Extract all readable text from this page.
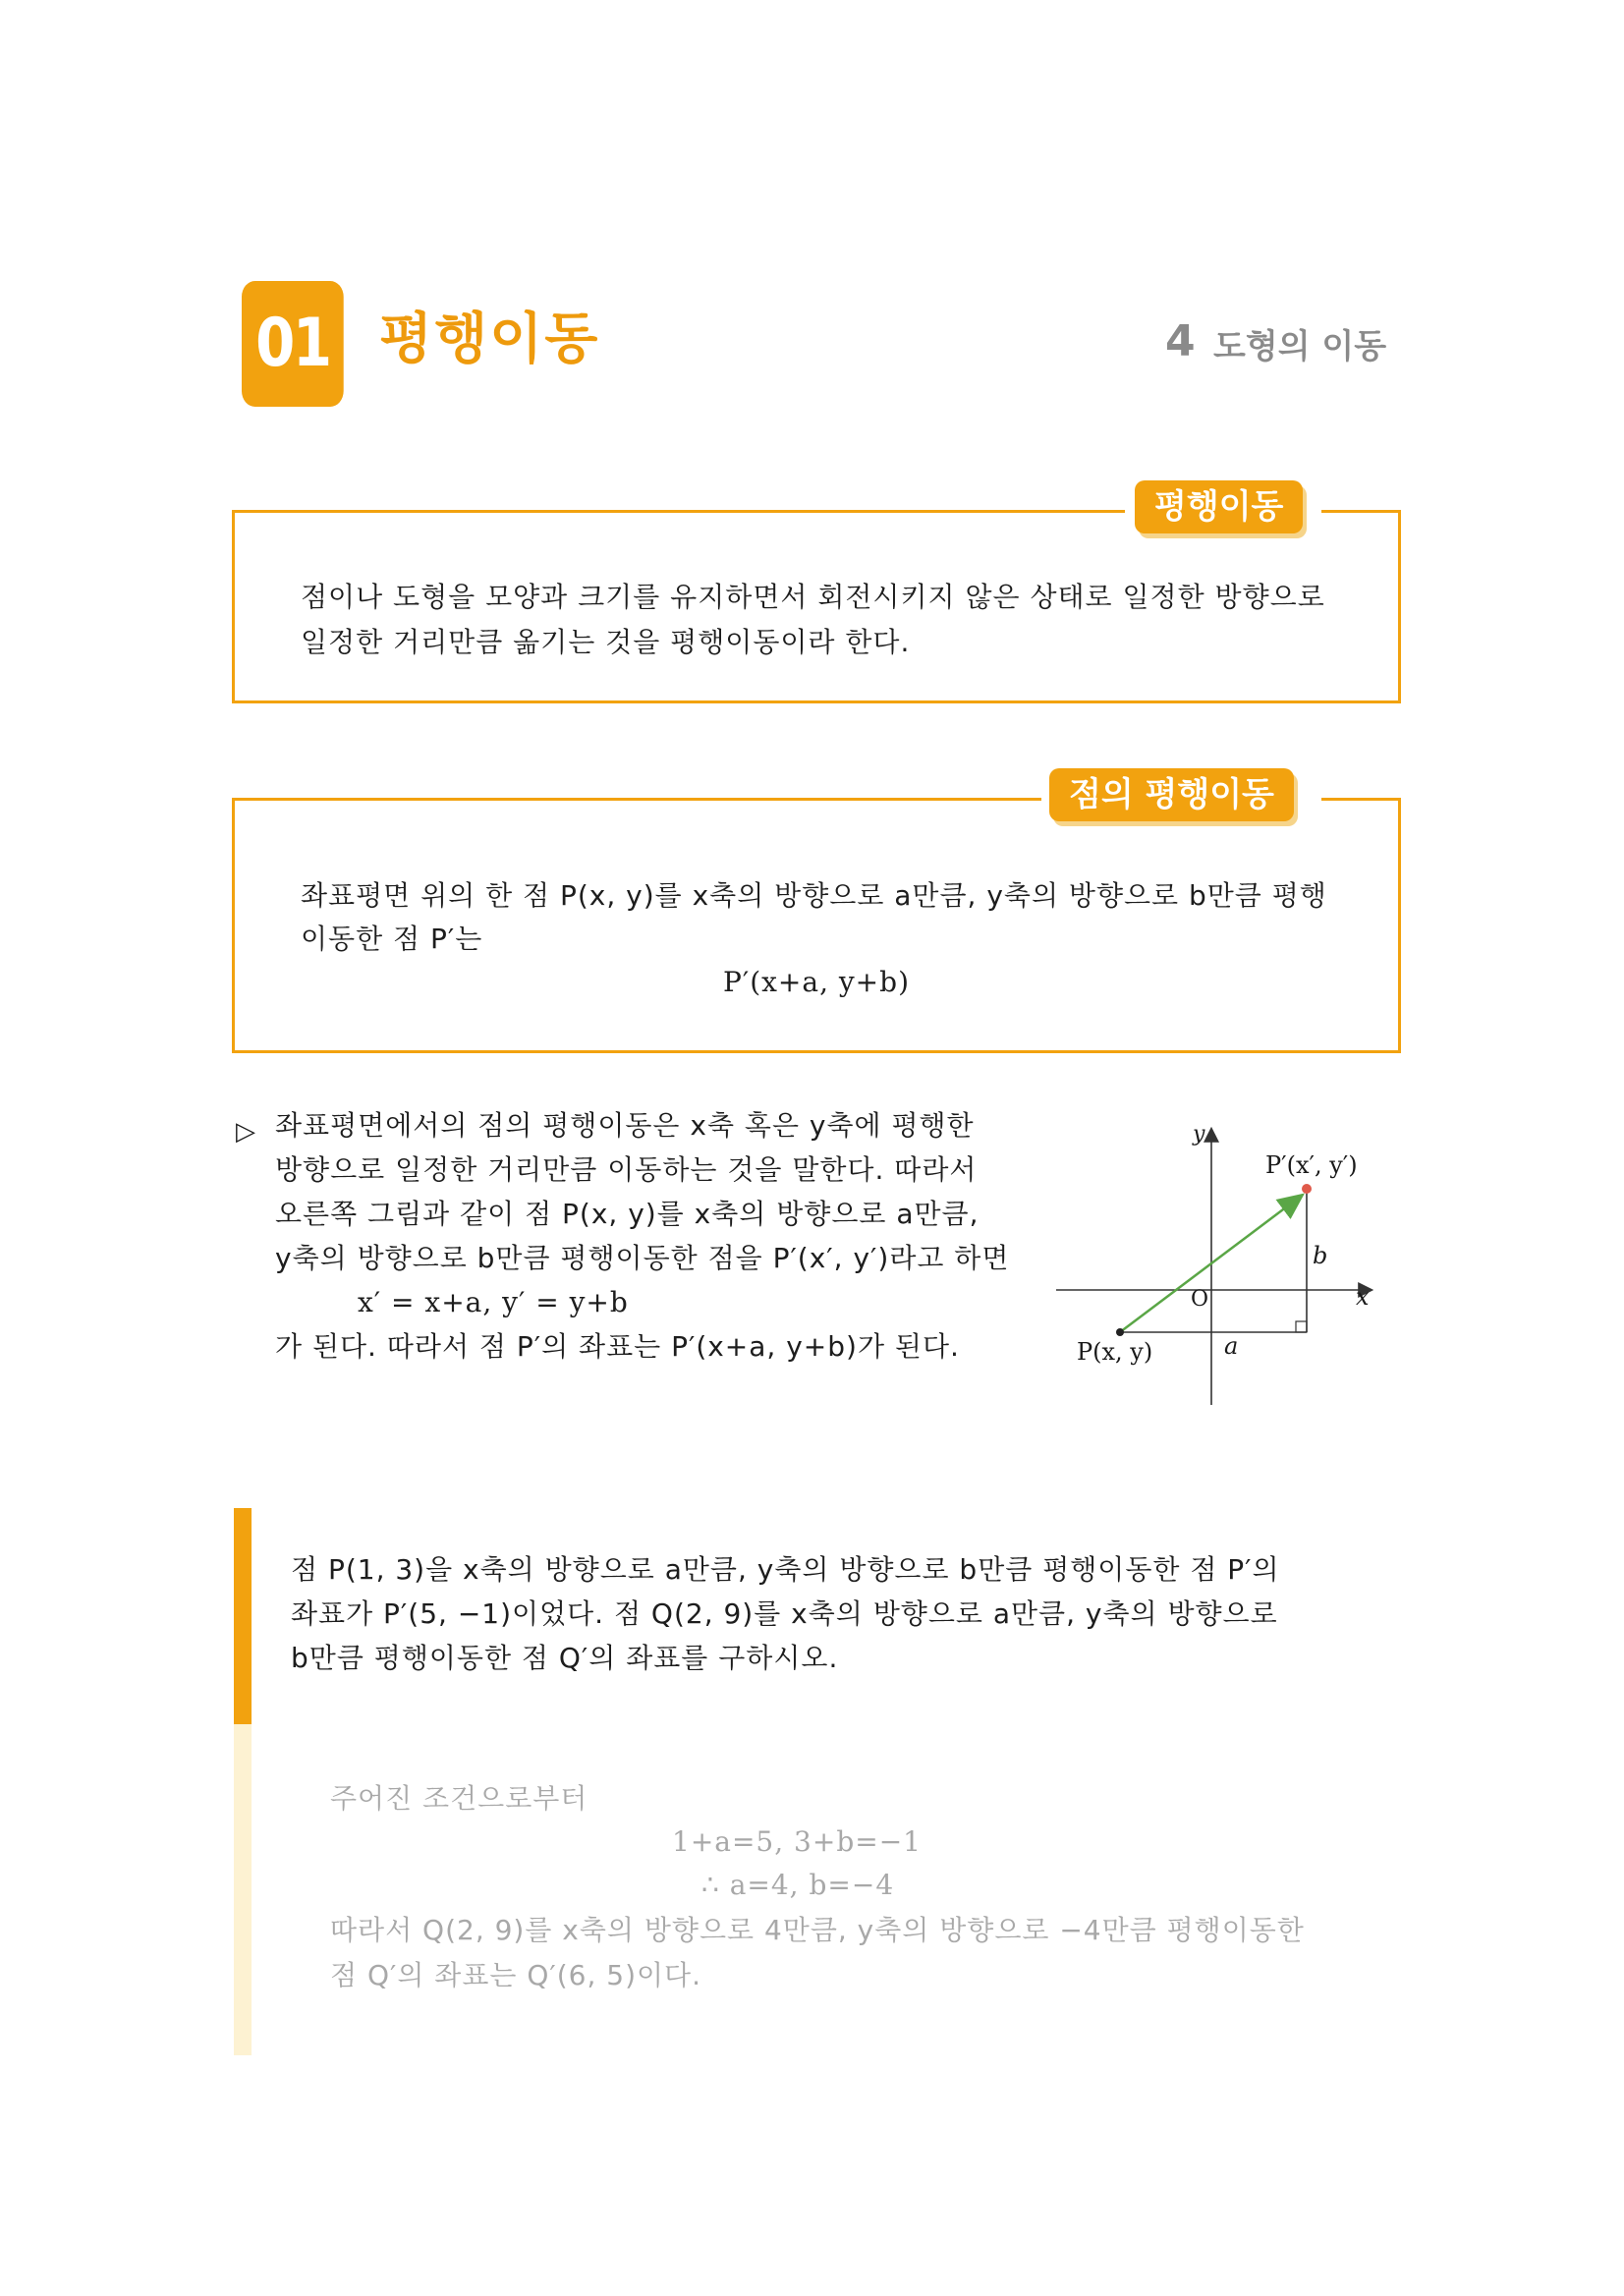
01 평행이동	4 도형의 이동
평행이동
점이나 도형을 모양과 크기를 유지하면서 회전시키지 않은 상태로 일정한 방향으로
일정한 거리만큼 옮기는 것을 평행이동이라 한다.
점의 평행이동
좌표평면 위의 한 점 P(x, y)를 x축의 방향으로 a만큼, y축의 방향으로 b만큼 평행
이동한 점 P′는
P′(x+a, y+b)
▷ 좌표평면에서의 점의 평행이동은 x축 혹은 y축에 평행한
방향으로 일정한 거리만큼 이동하는 것을 말한다. 따라서
오른쪽 그림과 같이 점 P(x, y)를 x축의 방향으로 a만큼,
y축의 방향으로 b만큼 평행이동한 점을 P′(x′, y′)라고 하면
x′ = x+a, y′ = y+b
가 된다. 따라서 점 P′의 좌표는 P′(x+a, y+b)가 된다.
y
x
O
P(x, y)
P′(x′, y′)
a
b
점 P(1, 3)을 x축의 방향으로 a만큼, y축의 방향으로 b만큼 평행이동한 점 P′의
좌표가 P′(5, −1)이었다. 점 Q(2, 9)를 x축의 방향으로 a만큼, y축의 방향으로
b만큼 평행이동한 점 Q′의 좌표를 구하시오.
주어진 조건으로부터
1+a=5, 3+b=−1
∴ a=4, b=−4
따라서 Q(2, 9)를 x축의 방향으로 4만큼, y축의 방향으로 −4만큼 평행이동한
점 Q′의 좌표는 Q′(6, 5)이다.
